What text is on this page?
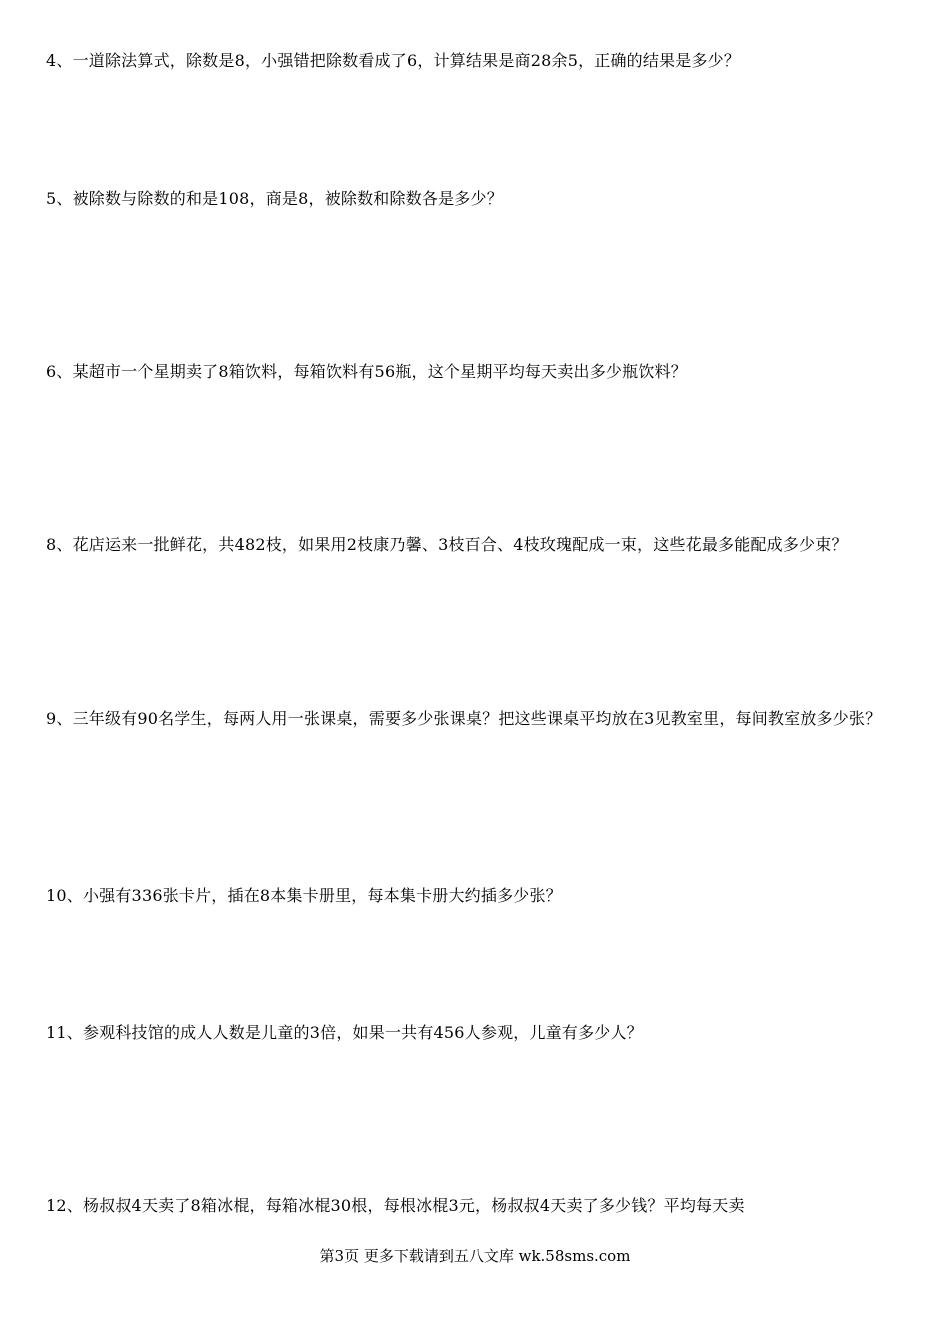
4、一道除法算式，除数是8，小强错把除数看成了6，计算结果是商28余5，正确的结果是多少？

5、被除数与除数的和是108，商是8，被除数和除数各是多少？

6、某超市一个星期卖了8箱饮料，每箱饮料有56瓶，这个星期平均每天卖出多少瓶饮料？

8、花店运来一批鲜花，共482枝，如果用2枝康乃馨、3枝百合、4枝玫瑰配成一束，这些花最多能配成多少束？

9、三年级有90名学生，每两人用一张课桌，需要多少张课桌？把这些课桌平均放在3见教室里，每间教室放多少张？

10、小强有336张卡片，插在8本集卡册里，每本集卡册大约插多少张？

11、参观科技馆的成人人数是儿童的3倍，如果一共有456人参观，儿童有多少人？

12、杨叔叔4天卖了8箱冰棍，每箱冰棍30根，每根冰棍3元，杨叔叔4天卖了多少钱？平均每天卖

第3页 更多下载请到五八文库 wk.58sms.com
